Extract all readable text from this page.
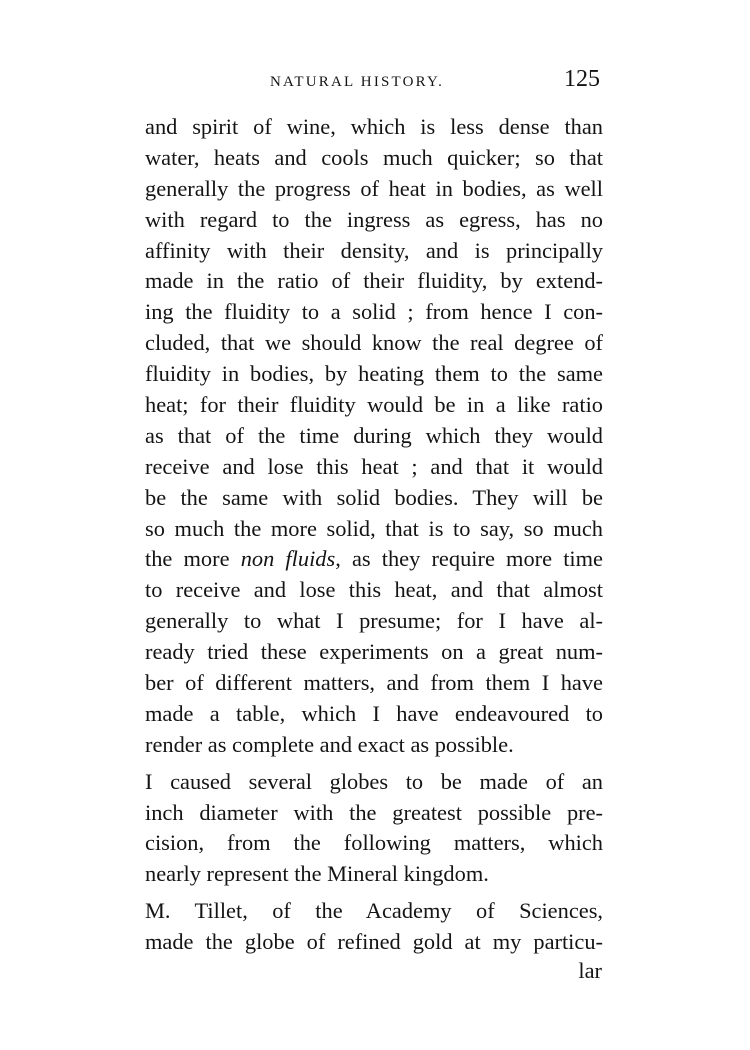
NATURAL HISTORY.	125
and spirit of wine, which is less dense than
water, heats and cools much quicker; so that
generally the progress of heat in bodies, as well
with regard to the ingress as egress, has no
affinity with their density, and is principally
made in the ratio of their fluidity, by extend-
ing the fluidity to a solid ; from hence I con-
cluded, that we should know the real degree of
fluidity in bodies, by heating them to the same
heat; for their fluidity would be in a like ratio
as that of the time during which they would
receive and lose this heat ; and that it would
be the same with solid bodies. They will be
so much the more solid, that is to say, so much
the more non fluids, as they require more time
to receive and lose this heat, and that almost
generally to what I presume; for I have al-
ready tried these experiments on a great num-
ber of different matters, and from them I have
made a table, which I have endeavoured to
render as complete and exact as possible.
I caused several globes to be made of an
inch diameter with the greatest possible pre-
cision, from the following matters, which
nearly represent the Mineral kingdom.
M. Tillet, of the Academy of Sciences,
made the globe of refined gold at my particu-
lar
